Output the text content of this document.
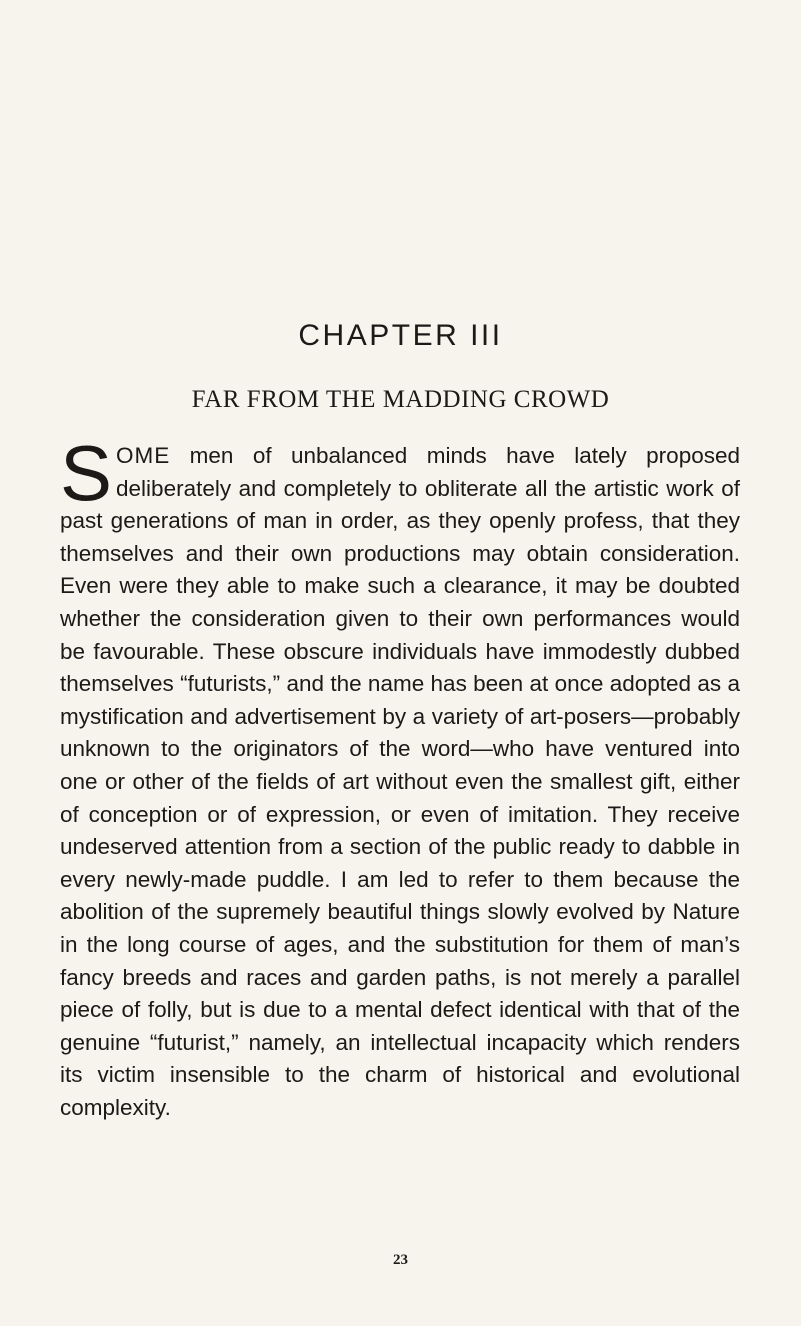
CHAPTER III
FAR FROM THE MADDING CROWD

SOME men of unbalanced minds have lately proposed deliberately and completely to obliterate all the artistic work of past generations of man in order, as they openly profess, that they themselves and their own productions may obtain consideration. Even were they able to make such a clearance, it may be doubted whether the consideration given to their own performances would be favourable. These obscure individuals have immodestly dubbed themselves “futurists,” and the name has been at once adopted as a mystification and advertisement by a variety of art-posers—probably unknown to the originators of the word—who have ventured into one or other of the fields of art without even the smallest gift, either of conception or of expression, or even of imitation. They receive undeserved attention from a section of the public ready to dabble in every newly-made puddle. I am led to refer to them because the abolition of the supremely beautiful things slowly evolved by Nature in the long course of ages, and the substitution for them of man’s fancy breeds and races and garden paths, is not merely a parallel piece of folly, but is due to a mental defect identical with that of the genuine “futurist,” namely, an intellectual incapacity which renders its victim insensible to the charm of historical and evolutional complexity.

23
